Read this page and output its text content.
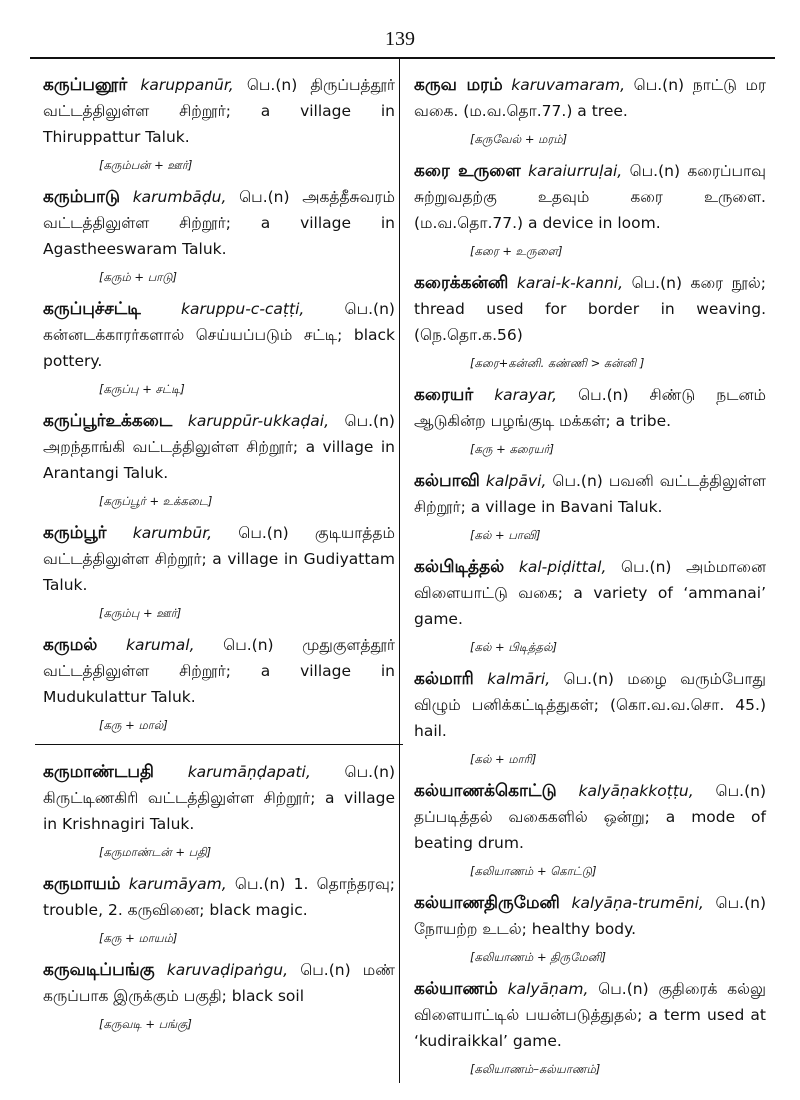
139
கருப்பனூர் karuppanūr, பெ.(n) திருப்பத்தூர் வட்டத்திலுள்ள சிற்றூர்; a village in Thiruppattur Taluk.
[கரும்பன் + ஊர்]
கரும்பாடு karumbāḍu, பெ.(n) அகத்தீசுவரம் வட்டத்திலுள்ள சிற்றூர்; a village in Agastheeswaram Taluk.
[கரும் + பாடு]
கருப்புச்சட்டி	karuppu-c-caṭṭi,	பெ.(n) கன்னடக்காரர்களால் செய்யப்படும் சட்டி; black pottery.
[கருப்பு + சட்டி]
கருப்பூர்உக்கடை karuppūr-ukkaḍai, பெ.(n) அறந்தாங்கி வட்டத்திலுள்ள சிற்றூர்; a village in Arantangi Taluk.
[கருப்பூர் + உக்கடை]
கரும்பூர் karumbūr, பெ.(n) குடியாத்தம் வட்டத்திலுள்ள சிற்றூர்; a village in Gudiyattam Taluk.
[கரும்பு + ஊர்]
கருமல் karumal, பெ.(n) முதுகுளத்தூர் வட்டத்திலுள்ள சிற்றூர்; a village in Mudukulattur Taluk.
[கரு + மால்]
கருமாண்டபதி karumāṇḍapati, பெ.(n) கிருட்டிணகிரி வட்டத்திலுள்ள சிற்றூர்; a village in Krishnagiri Taluk.
[கருமாண்டன் + பதி]
கருமாயம் karumāyam, பெ.(n) 1. தொந்தரவு; trouble, 2. கருவினை; black magic.
[கரு + மாயம்]
கருவடிப்பங்கு karuvaḍipaṅgu, பெ.(n) மண் கருப்பாக இருக்கும் பகுதி; black soil
[கருவடி + பங்கு]
கருவ மரம் karuvamaram, பெ.(n) நாட்டு மர வகை. (ம.வ.தொ.77.) a tree.
[கருவேல் + மரம்]
கரை உருளை karaiurruḷai, பெ.(n) கரைப்பாவு சுற்றுவதற்கு உதவும் கரை உருளை. (ம.வ.தொ.77.) a device in loom.
[கரை + உருளை]
கரைக்கன்னி karai-k-kanni, பெ.(n) கரை நூல்; thread used for border in weaving. (நெ.தொ.க.56)
[கரை+கன்னி. கண்ணி > கன்னி ]
கரையர் karayar, பெ.(n) சிண்டு நடனம் ஆடுகின்ற பழங்குடி மக்கள்; a tribe.
[கரு + கரையர்]
கல்பாவி kalpāvi, பெ.(n) பவனி வட்டத்திலுள்ள சிற்றூர்; a village in Bavani Taluk.
[கல் + பாவி]
கல்பிடித்தல் kal-piḍittal, பெ.(n) அம்மானை விளையாட்டு வகை; a variety of ‘ammanai’ game.
[கல் + பிடித்தல்]
கல்மாரி kalmāri, பெ.(n) மழை வரும்போது விழும் பனிக்கட்டித்துகள்; (கொ.வ.வ.சொ. 45.) hail.
[கல் + மாரி]
கல்யாணக்கொட்டு kalyāṇakkoṭṭu, பெ.(n) தப்படித்தல் வகைகளில் ஒன்று; a mode of beating drum.
[கலியாணம் + கொட்டு]
கல்யாணதிருமேனி kalyāṇa-trumēni, பெ.(n) நோயற்ற உடல்; healthy body.
[கலியாணம் + திருமேனி]
கல்யாணம் kalyāṇam, பெ.(n) குதிரைக் கல்லு விளையாட்டில் பயன்படுத்துதல்; a term used at ‘kudiraikkal’ game.
[கலியாணம்–கல்யாணம்]
